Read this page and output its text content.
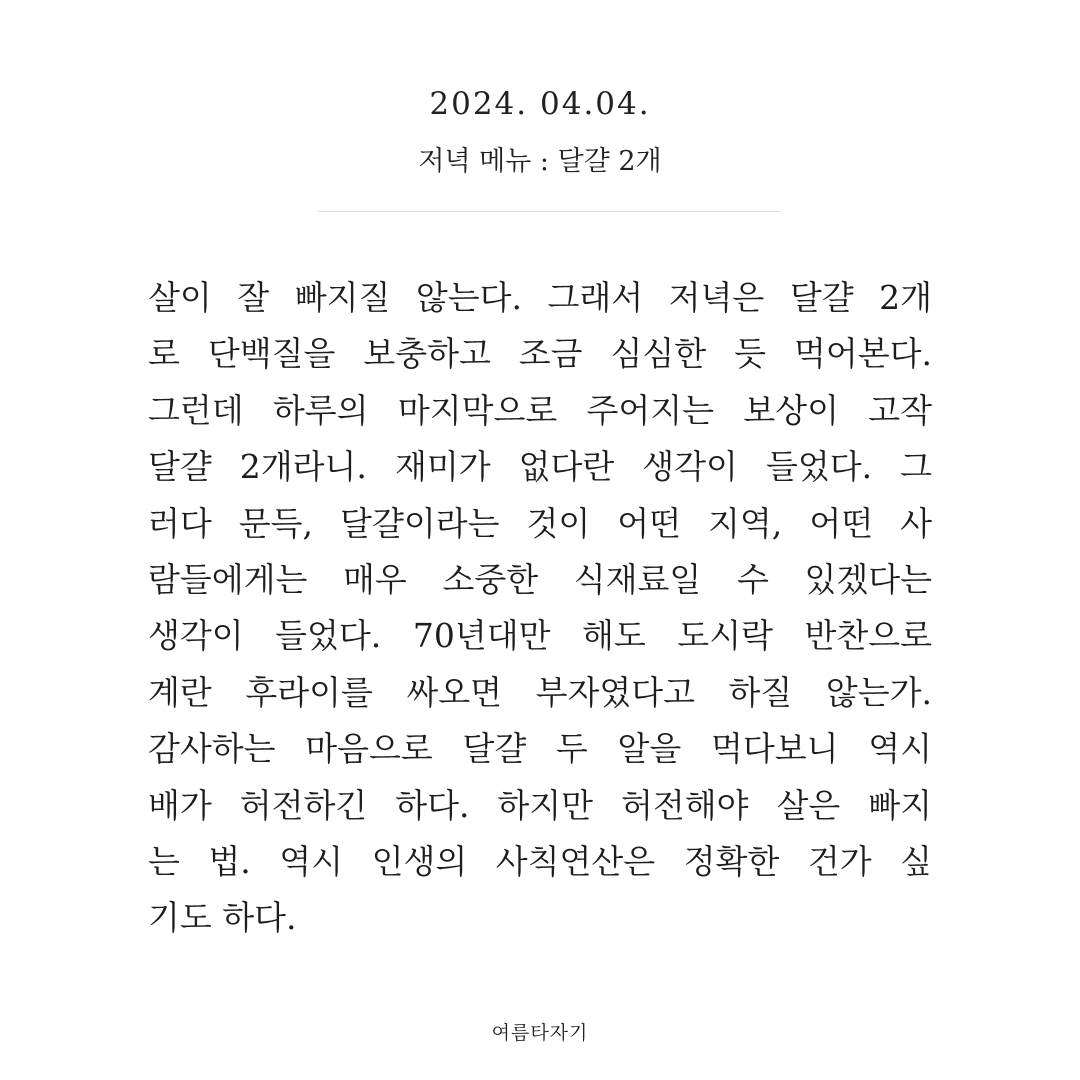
2024. 04.04.
저녁 메뉴 : 달걀 2개
살이 잘 빠지질 않는다. 그래서 저녁은 달걀 2개
로 단백질을 보충하고 조금 심심한 듯 먹어본다.
그런데 하루의 마지막으로 주어지는 보상이 고작
달걀 2개라니. 재미가 없다란 생각이 들었다. 그
러다 문득, 달걀이라는 것이 어떤 지역, 어떤 사
람들에게는 매우 소중한 식재료일 수 있겠다는
생각이 들었다. 70년대만 해도 도시락 반찬으로
계란 후라이를 싸오면 부자였다고 하질 않는가.
감사하는 마음으로 달걀 두 알을 먹다보니 역시
배가 허전하긴 하다. 하지만 허전해야 살은 빠지
는 법. 역시 인생의 사칙연산은 정확한 건가 싶
기도 하다.
여름타자기
